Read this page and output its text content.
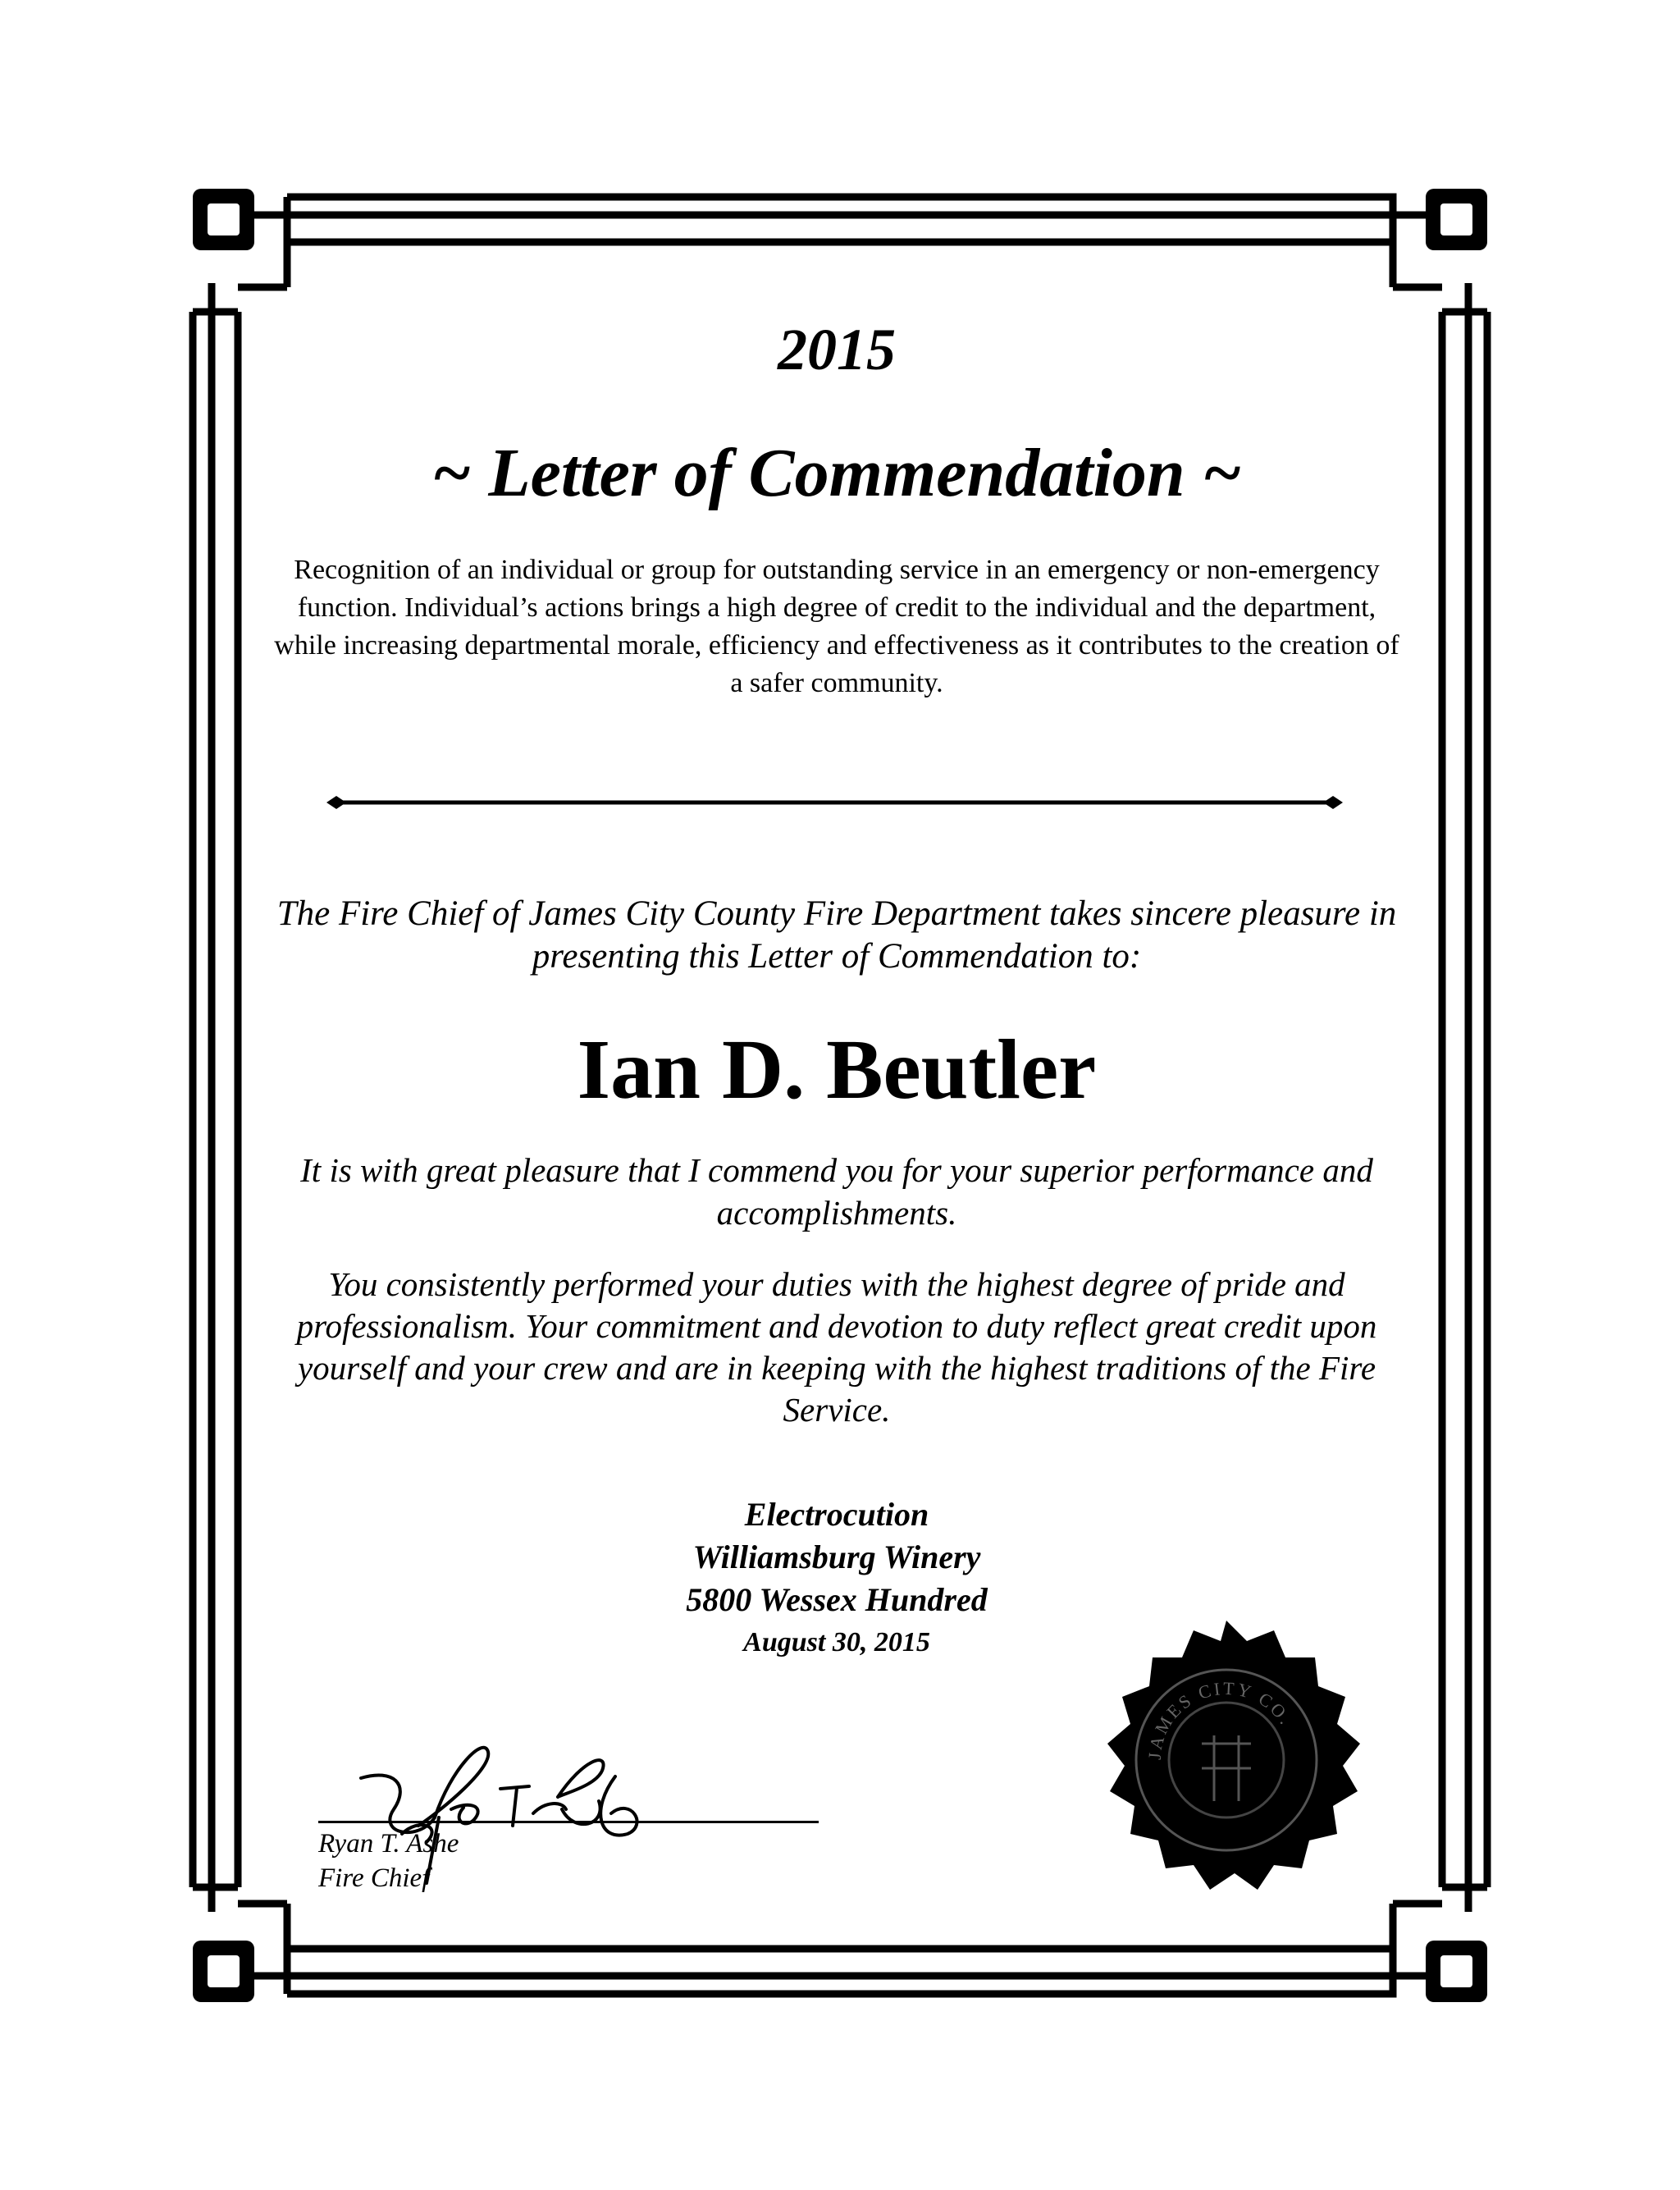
2015
~ Letter of Commendation ~
Recognition of an individual or group for outstanding service in an emergency or non-emergency function. Individual’s actions brings a high degree of credit to the individual and the department, while increasing departmental morale, efficiency and effectiveness as it contributes to the creation of a safer community.
The Fire Chief of James City County Fire Department takes sincere pleasure in presenting this Letter of Commendation to:
Ian D. Beutler
It is with great pleasure that I commend you for your superior performance and accomplishments.
You consistently performed your duties with the highest degree of pride and professionalism. Your commitment and devotion to duty reflect great credit upon yourself and your crew and are in keeping with the highest traditions of the Fire Service.
Electrocution
Williamsburg Winery
5800 Wessex Hundred
August 30, 2015
Ryan T. Ashe
Fire Chief
JAMES CITY CO.
